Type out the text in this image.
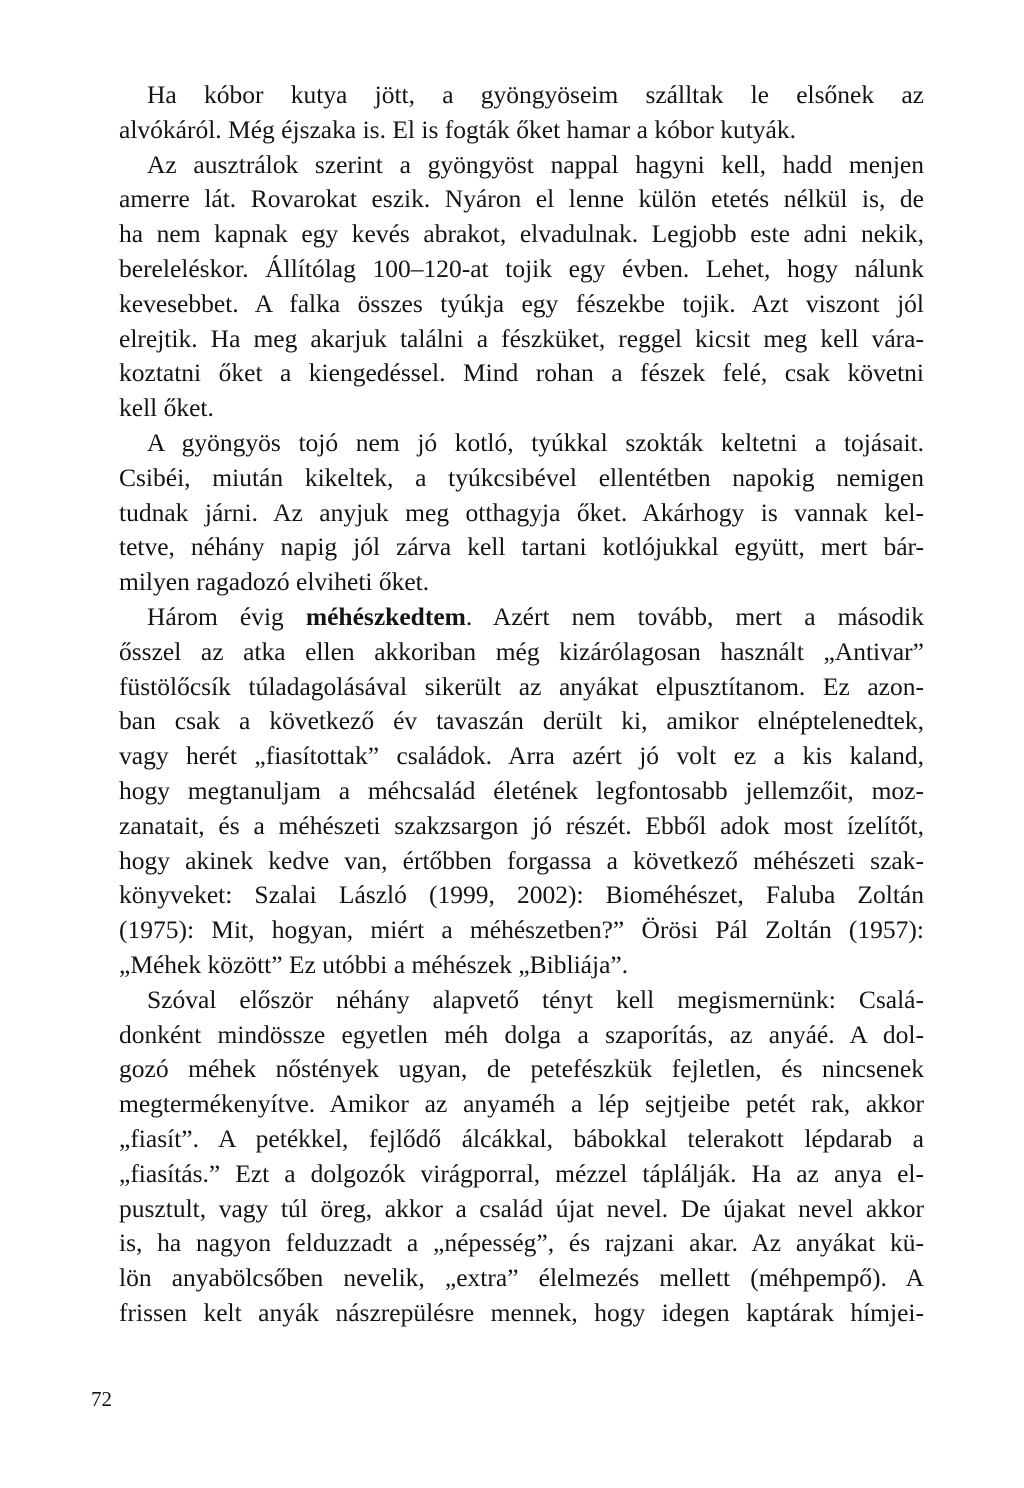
Ha kóbor kutya jött, a gyöngyöseim szálltak le elsőnek az
alvókáról. Még éjszaka is. El is fogták őket hamar a kóbor kutyák.
Az ausztrálok szerint a gyöngyöst nappal hagyni kell, hadd menjen
amerre lát. Rovarokat eszik. Nyáron el lenne külön etetés nélkül is, de
ha nem kapnak egy kevés abrakot, elvadulnak. Legjobb este adni nekik,
bereleléskor. Állítólag 100–120-at tojik egy évben. Lehet, hogy nálunk
kevesebbet. A falka összes tyúkja egy fészekbe tojik. Azt viszont jól
elrejtik. Ha meg akarjuk találni a fészküket, reggel kicsit meg kell vára-
koztatni őket a kiengedéssel. Mind rohan a fészek felé, csak követni
kell őket.
A gyöngyös tojó nem jó kotló, tyúkkal szokták keltetni a tojásait.
Csibéi, miután kikeltek, a tyúkcsibével ellentétben napokig nemigen
tudnak járni. Az anyjuk meg otthagyja őket. Akárhogy is vannak kel-
tetve, néhány napig jól zárva kell tartani kotlójukkal együtt, mert bár-
milyen ragadozó elviheti őket.
Három évig méhészkedtem. Azért nem tovább, mert a második
ősszel az atka ellen akkoriban még kizárólagosan használt „Antivar”
füstölőcsík túladagolásával sikerült az anyákat elpusztítanom. Ez azon-
ban csak a következő év tavaszán derült ki, amikor elnéptelenedtek,
vagy herét „fiasítottak” családok. Arra azért jó volt ez a kis kaland,
hogy megtanuljam a méhcsalád életének legfontosabb jellemzőit, moz-
zanatait, és a méhészeti szakzsargon jó részét. Ebből adok most ízelítőt,
hogy akinek kedve van, értőbben forgassa a következő méhészeti szak-
könyveket: Szalai László (1999, 2002): Bioméhészet, Faluba Zoltán
(1975): Mit, hogyan, miért a méhészetben?” Örösi Pál Zoltán (1957):
„Méhek között” Ez utóbbi a méhészek „Bibliája”.
Szóval először néhány alapvető tényt kell megismernünk: Csalá-
donként mindössze egyetlen méh dolga a szaporítás, az anyáé. A dol-
gozó méhek nőstények ugyan, de petefészkük fejletlen, és nincsenek
megtermékenyítve. Amikor az anyaméh a lép sejtjeibe petét rak, akkor
„fiasít”. A petékkel, fejlődő álcákkal, bábokkal telerakott lépdarab a
„fiasítás.” Ezt a dolgozók virágporral, mézzel táplálják. Ha az anya el-
pusztult, vagy túl öreg, akkor a család újat nevel. De újakat nevel akkor
is, ha nagyon felduzzadt a „népesség”, és rajzani akar. Az anyákat kü-
lön anyabölcsőben nevelik, „extra” élelmezés mellett (méhpempő). A
frissen kelt anyák nászrepülésre mennek, hogy idegen kaptárak hímjei-
72
